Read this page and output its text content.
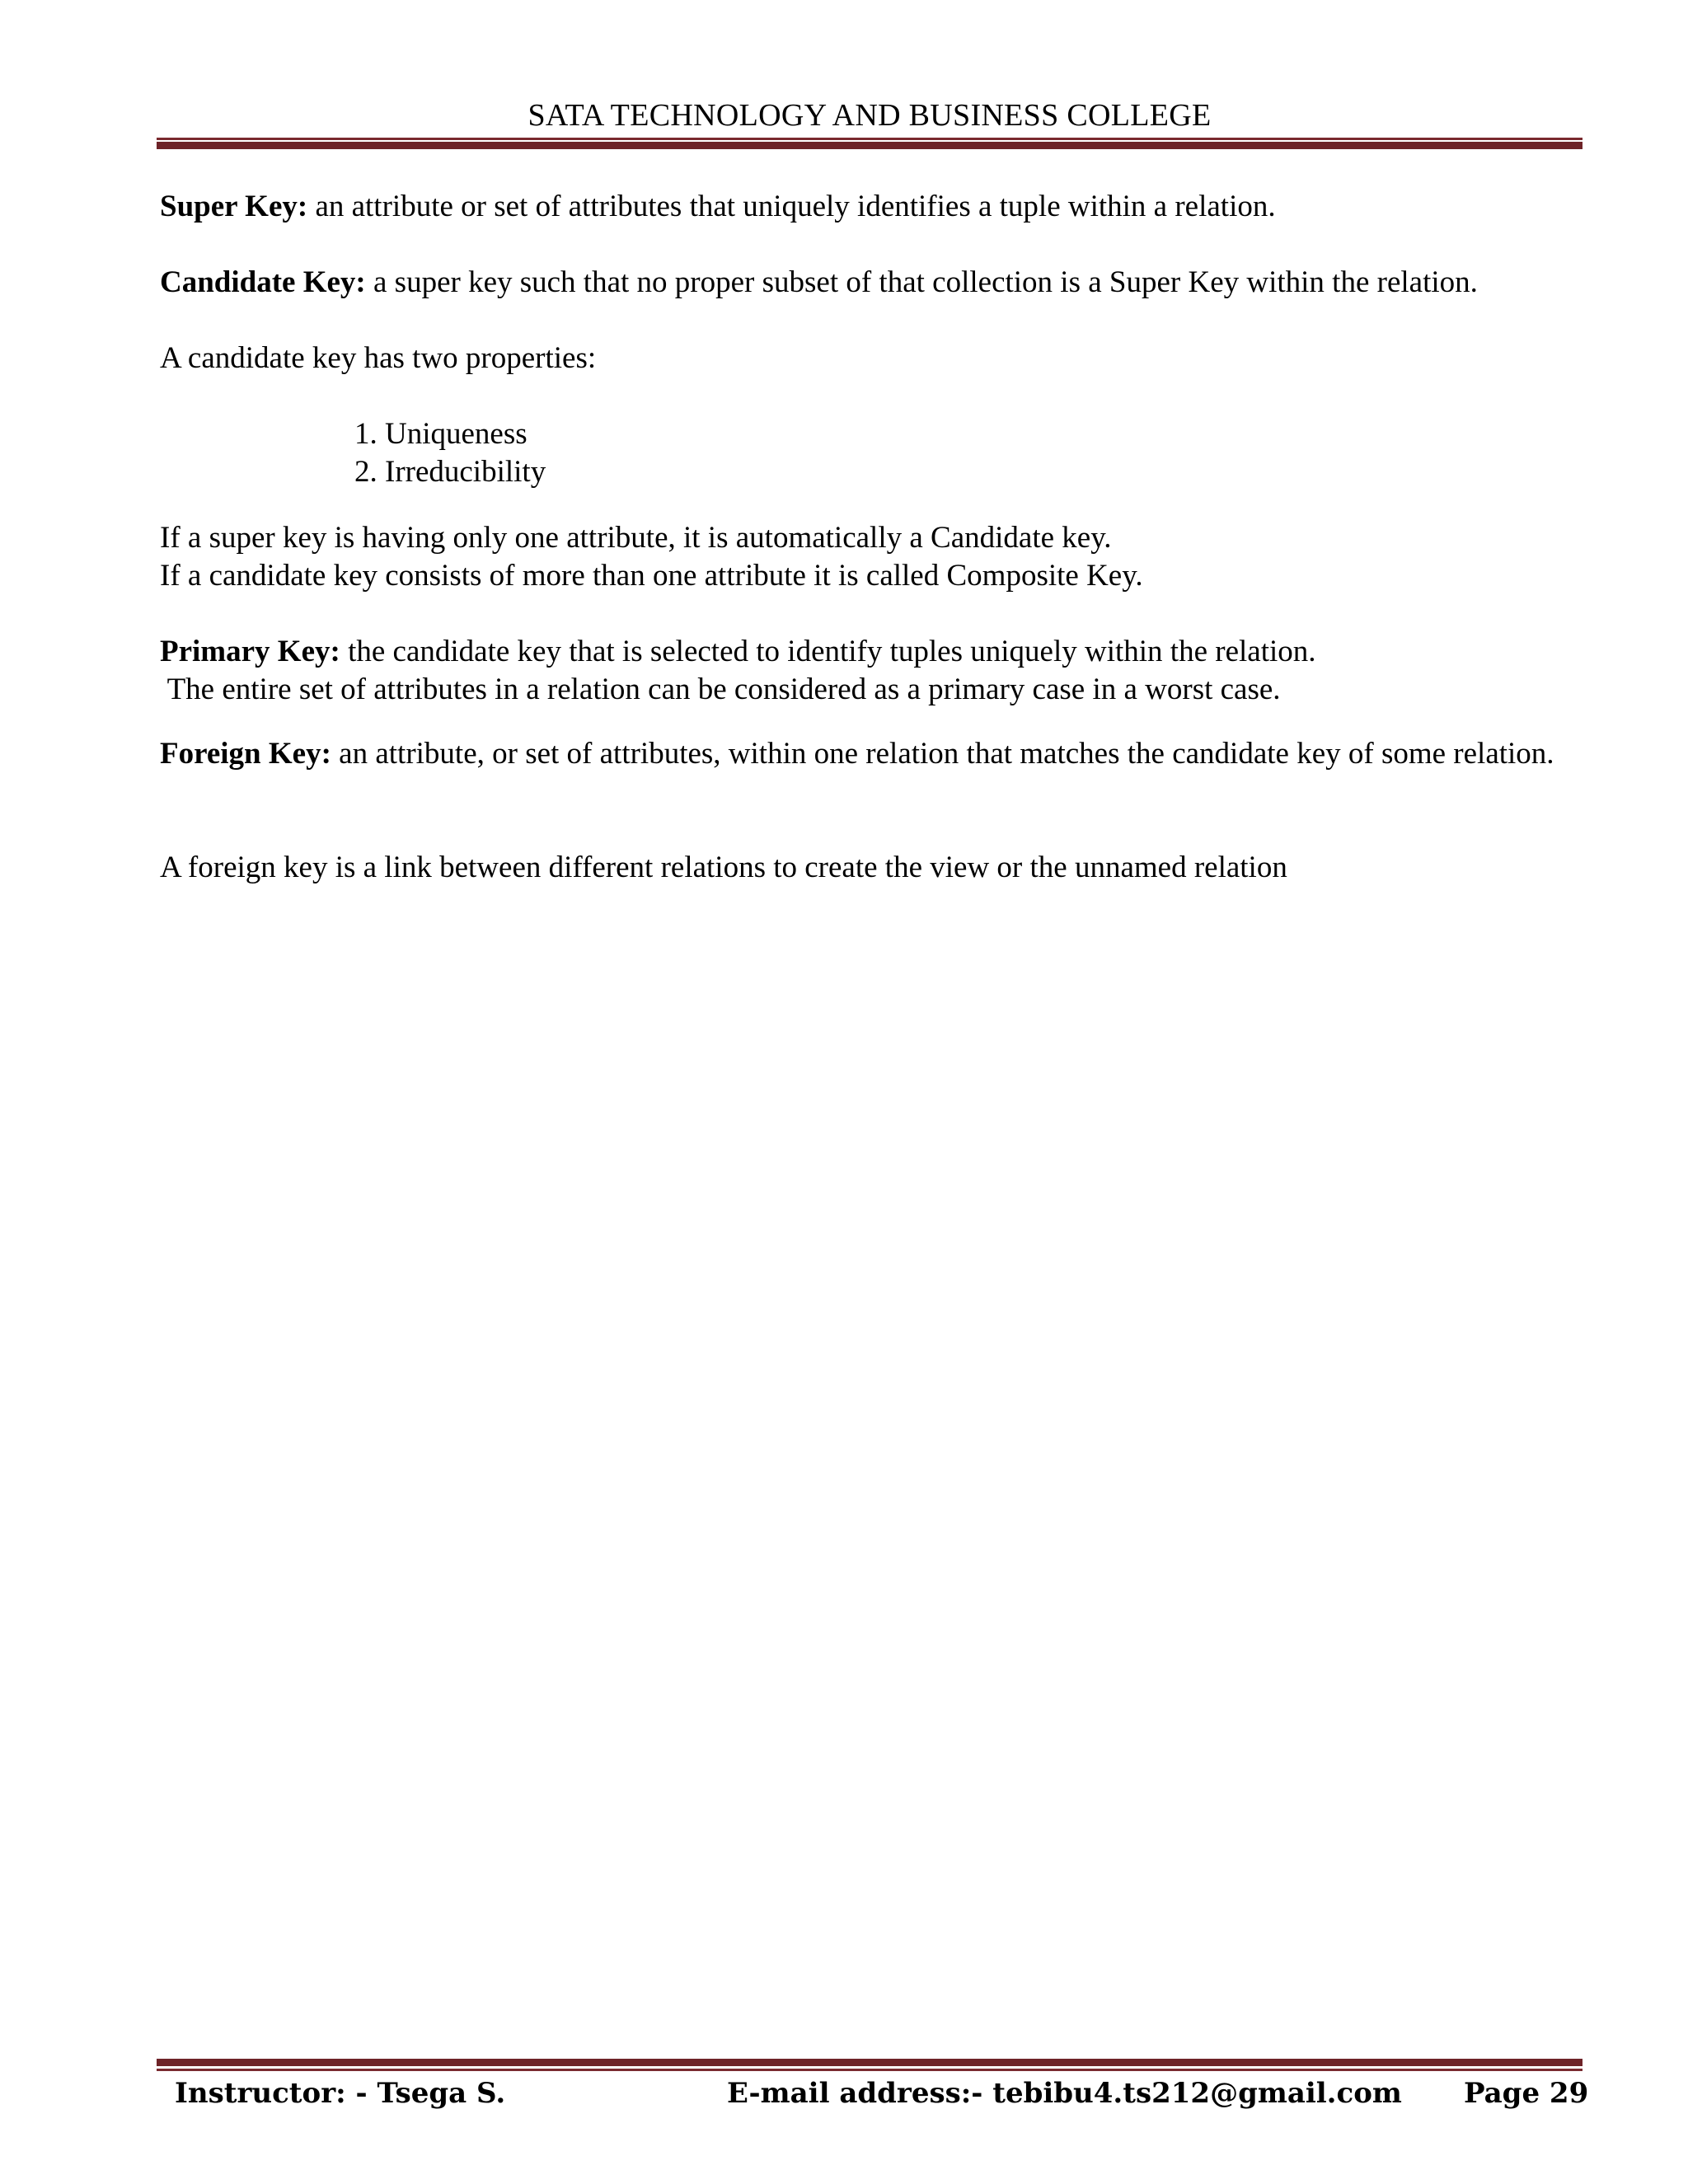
SATA TECHNOLOGY AND BUSINESS COLLEGE
Super Key: an attribute or set of attributes that uniquely identifies a tuple within a relation.
Candidate Key: a super key such that no proper subset of that collection is a Super Key within the relation.
A candidate key has two properties:
1. Uniqueness
2. Irreducibility
If a super key is having only one attribute, it is automatically a Candidate key.
If a candidate key consists of more than one attribute it is called Composite Key.
Primary Key: the candidate key that is selected to identify tuples uniquely within the relation.
The entire set of attributes in a relation can be considered as a primary case in a worst case.
Foreign Key: an attribute, or set of attributes, within one relation that matches the candidate key of some relation.
A foreign key is a link between different relations to create the view or the unnamed relation
Instructor: - Tsega S.	E-mail address:- tebibu4.ts212@gmail.com Page 29
